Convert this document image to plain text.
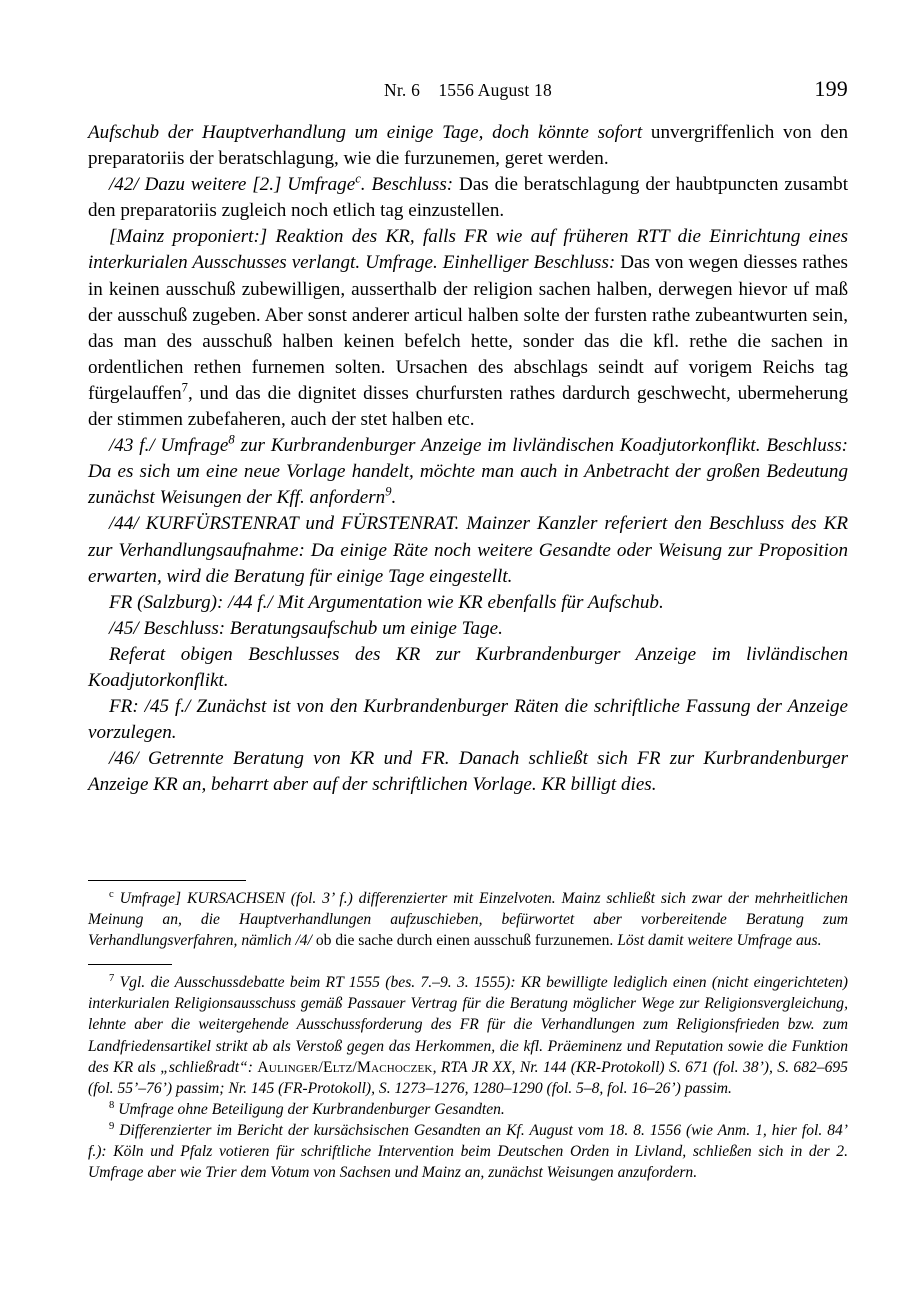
Nr. 6    1556 August 18	199

Aufschub der Hauptverhandlung um einige Tage, doch könnte sofort unvergriffenlich von den preparatoriis der beratschlagung, wie die furzunemen, geret werden.

/42/ Dazu weitere [2.] Umfrage$^c$. Beschluss: Das die beratschlagung der haubtpuncten zusambt den preparatoriis zugleich noch etlich tag einzustellen.

[Mainz proponiert:] Reaktion des KR, falls FR wie auf früheren RTT die Einrichtung eines interkurialen Ausschusses verlangt. Umfrage. Einhelliger Beschluss: Das von wegen diesses rathes in keinen ausschuß zubewilligen, ausserthalb der religion sachen halben, derwegen hievor uf maß der ausschuß zugeben. Aber sonst anderer articul halben solte der fursten rathe zubeantwurten sein, das man des ausschuß halben keinen befelch hette, sonder das die kfl. rethe die sachen in ordentlichen rethen furnemen solten. Ursachen des abschlags seindt auf vorigem Reichs tag fürgelauffen$^7$, und das die dignitet disses churfursten rathes dardurch geschwecht, ubermeherung der stimmen zubefaheren, auch der stet halben etc.

/43 f./ Umfrage$^8$ zur Kurbrandenburger Anzeige im livländischen Koadjutorkonflikt. Beschluss: Da es sich um eine neue Vorlage handelt, möchte man auch in Anbetracht der großen Bedeutung zunächst Weisungen der Kff. anfordern$^9$.

/44/ KURFÜRSTENRAT und FÜRSTENRAT. Mainzer Kanzler referiert den Beschluss des KR zur Verhandlungsaufnahme: Da einige Räte noch weitere Gesandte oder Weisung zur Proposition erwarten, wird die Beratung für einige Tage eingestellt.

FR (Salzburg): /44 f./ Mit Argumentation wie KR ebenfalls für Aufschub.

/45/ Beschluss: Beratungsaufschub um einige Tage.

Referat obigen Beschlusses des KR zur Kurbrandenburger Anzeige im livländischen Koadjutorkonflikt.

FR: /45 f./ Zunächst ist von den Kurbrandenburger Räten die schriftliche Fassung der Anzeige vorzulegen.

/46/ Getrennte Beratung von KR und FR. Danach schließt sich FR zur Kurbrandenburger Anzeige KR an, beharrt aber auf der schriftlichen Vorlage. KR billigt dies.

$^c$ Umfrage] KURSACHSEN (fol. 3’ f.) differenzierter mit Einzelvoten. Mainz schließt sich zwar der mehrheitlichen Meinung an, die Hauptverhandlungen aufzuschieben, befürwortet aber vorbereitende Beratung zum Verhandlungsverfahren, nämlich /4/ ob die sache durch einen ausschuß furzunemen. Löst damit weitere Umfrage aus.

$^7$ Vgl. die Ausschussdebatte beim RT 1555 (bes. 7.–9. 3. 1555): KR bewilligte lediglich einen (nicht eingerichteten) interkurialen Religionsausschuss gemäß Passauer Vertrag für die Beratung möglicher Wege zur Religionsvergleichung, lehnte aber die weitergehende Ausschussforderung des FR für die Verhandlungen zum Religionsfrieden bzw. zum Landfriedensartikel strikt ab als Verstoß gegen das Herkommen, die kfl. Präeminenz und Reputation sowie die Funktion des KR als „schließradt“: Aulinger/Eltz/Machoczek, RTA JR XX, Nr. 144 (KR-Protokoll) S. 671 (fol. 38’), S. 682–695 (fol. 55’–76’) passim; Nr. 145 (FR-Protokoll), S. 1273–1276, 1280–1290 (fol. 5–8, fol. 16–26’) passim.

$^8$ Umfrage ohne Beteiligung der Kurbrandenburger Gesandten.

$^9$ Differenzierter im Bericht der kursächsischen Gesandten an Kf. August vom 18. 8. 1556 (wie Anm. 1, hier fol. 84’ f.): Köln und Pfalz votieren für schriftliche Intervention beim Deutschen Orden in Livland, schließen sich in der 2. Umfrage aber wie Trier dem Votum von Sachsen und Mainz an, zunächst Weisungen anzufordern.
